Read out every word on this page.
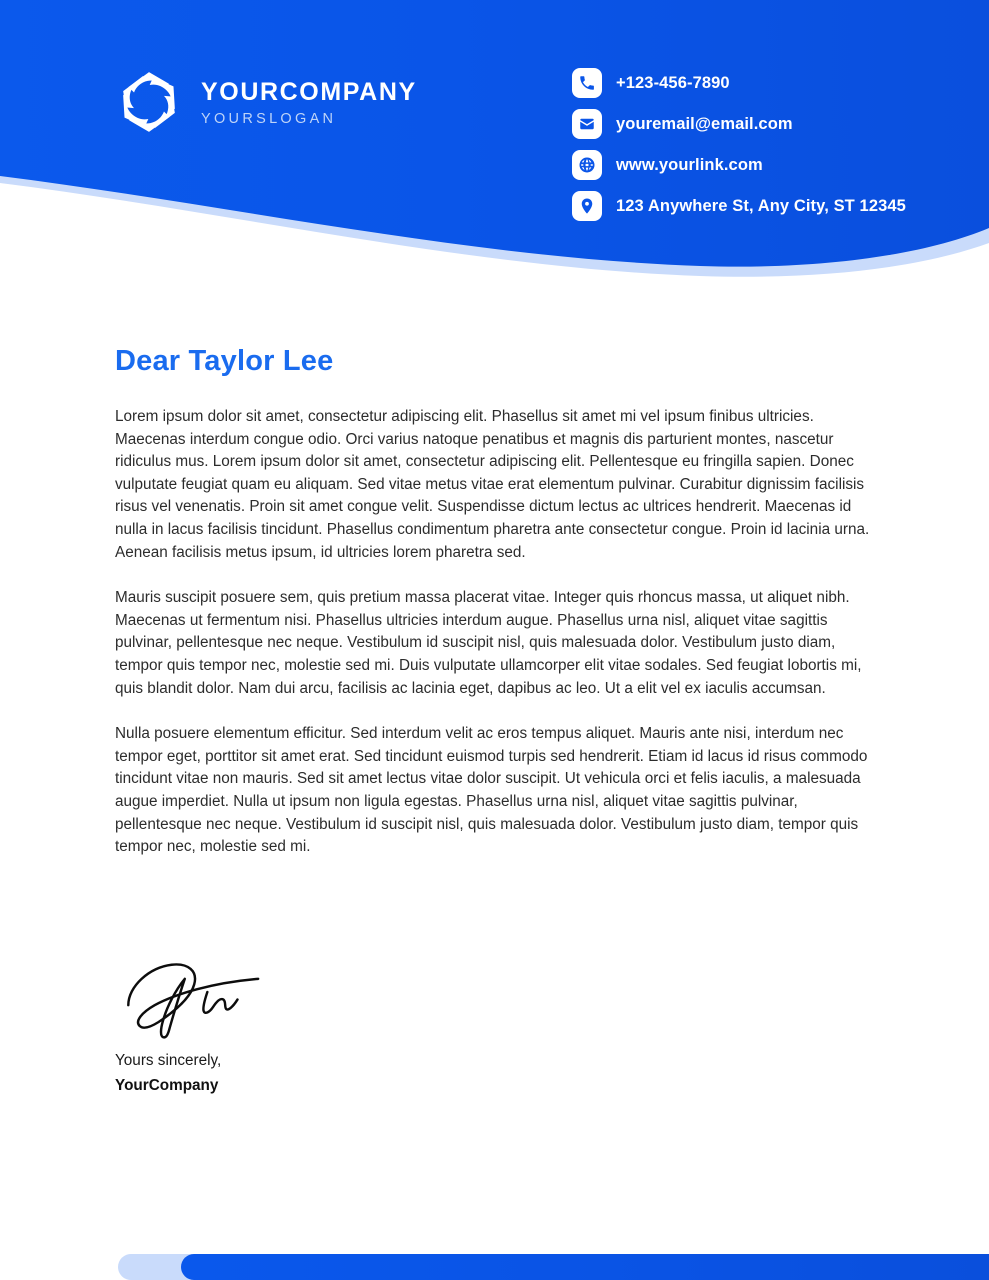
YOURCOMPANY
YOURSLOGAN
+123-456-7890
youremail@email.com
www.yourlink.com
123 Anywhere St, Any City, ST 12345
Dear Taylor Lee

Lorem ipsum dolor sit amet, consectetur adipiscing elit. Phasellus sit amet mi vel ipsum finibus ultricies. Maecenas interdum congue odio. Orci varius natoque penatibus et magnis dis parturient montes, nascetur ridiculus mus. Lorem ipsum dolor sit amet, consectetur adipiscing elit. Pellentesque eu fringilla sapien. Donec vulputate feugiat quam eu aliquam. Sed vitae metus vitae erat elementum pulvinar. Curabitur dignissim facilisis risus vel venenatis. Proin sit amet congue velit. Suspendisse dictum lectus ac ultrices hendrerit. Maecenas id nulla in lacus facilisis tincidunt. Phasellus condimentum pharetra ante consectetur congue. Proin id lacinia urna. Aenean facilisis metus ipsum, id ultricies lorem pharetra sed.

Mauris suscipit posuere sem, quis pretium massa placerat vitae. Integer quis rhoncus massa, ut aliquet nibh. Maecenas ut fermentum nisi. Phasellus ultricies interdum augue. Phasellus urna nisl, aliquet vitae sagittis pulvinar, pellentesque nec neque. Vestibulum id suscipit nisl, quis malesuada dolor. Vestibulum justo diam, tempor quis tempor nec, molestie sed mi. Duis vulputate ullamcorper elit vitae sodales. Sed feugiat lobortis mi, quis blandit dolor. Nam dui arcu, facilisis ac lacinia eget, dapibus ac leo. Ut a elit vel ex iaculis accumsan.

Nulla posuere elementum efficitur. Sed interdum velit ac eros tempus aliquet. Mauris ante nisi, interdum nec tempor eget, porttitor sit amet erat. Sed tincidunt euismod turpis sed hendrerit. Etiam id lacus id risus commodo tincidunt vitae non mauris. Sed sit amet lectus vitae dolor suscipit. Ut vehicula orci et felis iaculis, a malesuada augue imperdiet. Nulla ut ipsum non ligula egestas. Phasellus urna nisl, aliquet vitae sagittis pulvinar, pellentesque nec neque. Vestibulum id suscipit nisl, quis malesuada dolor. Vestibulum justo diam, tempor quis tempor nec, molestie sed mi.

Yours sincerely,
YourCompany
